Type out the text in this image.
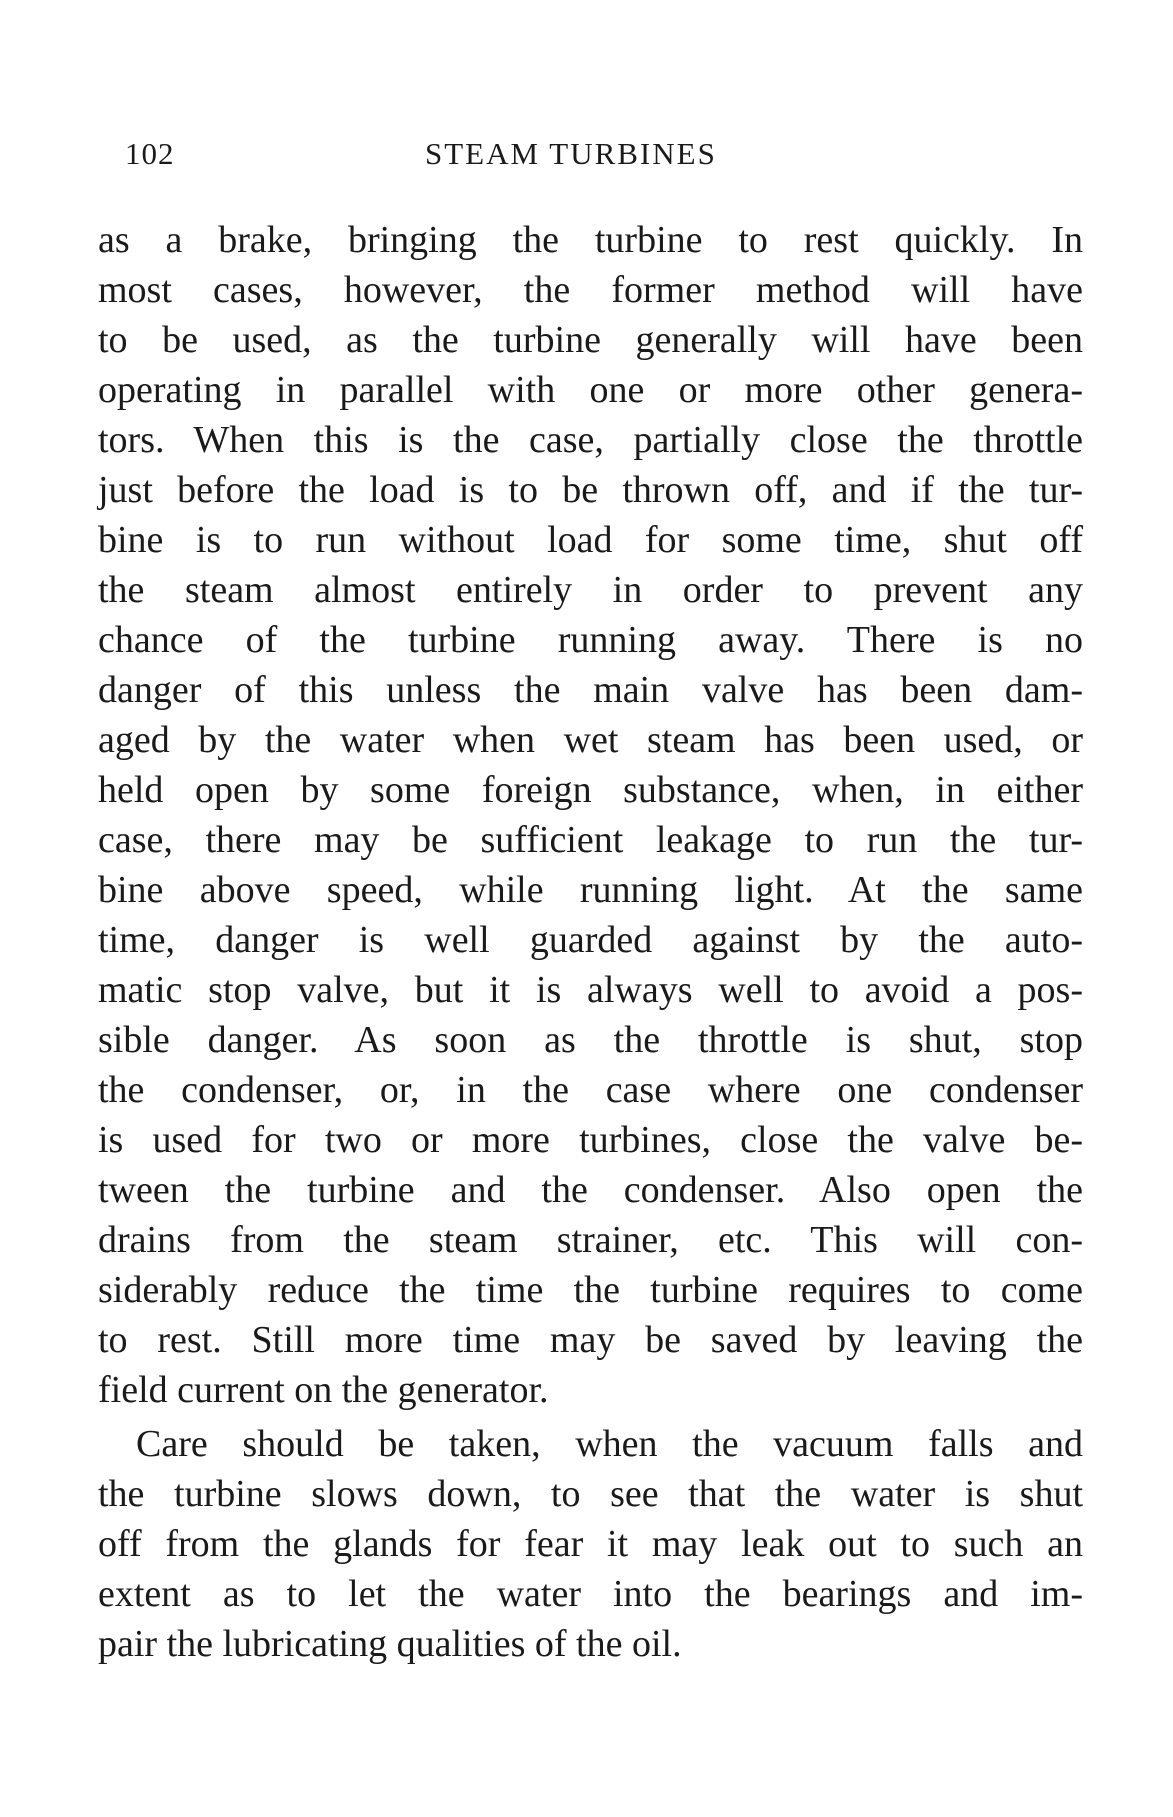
102	STEAM TURBINES
as a brake, bringing the turbine to rest quickly. In
most cases, however, the former method will have
to be used, as the turbine generally will have been
operating in parallel with one or more other genera-
tors. When this is the case, partially close the throttle
just before the load is to be thrown off, and if the tur-
bine is to run without load for some time, shut off
the steam almost entirely in order to prevent any
chance of the turbine running away. There is no
danger of this unless the main valve has been dam-
aged by the water when wet steam has been used, or
held open by some foreign substance, when, in either
case, there may be sufficient leakage to run the tur-
bine above speed, while running light. At the same
time, danger is well guarded against by the auto-
matic stop valve, but it is always well to avoid a pos-
sible danger. As soon as the throttle is shut, stop
the condenser, or, in the case where one condenser
is used for two or more turbines, close the valve be-
tween the turbine and the condenser. Also open the
drains from the steam strainer, etc. This will con-
siderably reduce the time the turbine requires to come
to rest. Still more time may be saved by leaving the
field current on the generator.
Care should be taken, when the vacuum falls and
the turbine slows down, to see that the water is shut
off from the glands for fear it may leak out to such an
extent as to let the water into the bearings and im-
pair the lubricating qualities of the oil.
